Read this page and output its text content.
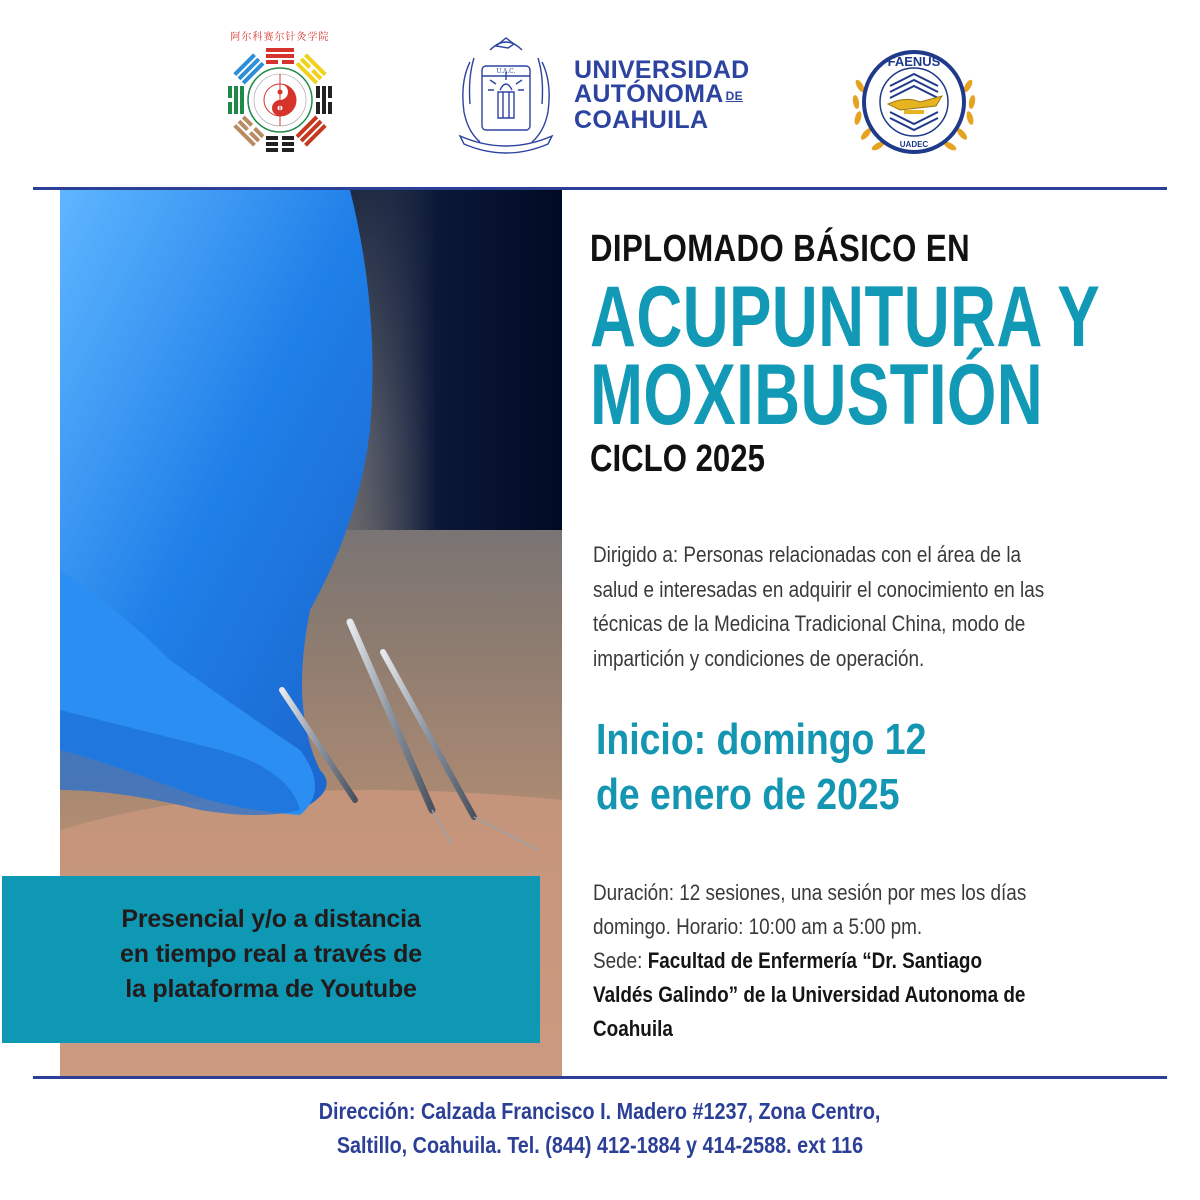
阿尔科赛尔针灸学院
U.A.C. UNIVERSIDAD
AUTÓNOMA DE
COAHUILA
FAENUS
UADEC
Presencial y/o a distancia
en tiempo real a través de
la plataforma de Youtube
DIPLOMADO BÁSICO EN
ACUPUNTURA Y
MOXIBUSTIÓN
CICLO 2025
Dirigido a: Personas relacionadas con el área de la
salud e interesadas en adquirir el conocimiento en las
técnicas de la Medicina Tradicional China, modo de
impartición y condiciones de operación.
Inicio: domingo 12
de enero de 2025
Duración: 12 sesiones, una sesión por mes los días
domingo. Horario: 10:00 am a 5:00 pm.
Sede: Facultad de Enfermería “Dr. Santiago
Valdés Galindo” de la Universidad Autonoma de
Coahuila
Dirección: Calzada Francisco I. Madero #1237, Zona Centro,
Saltillo, Coahuila. Tel. (844) 412-1884 y 414-2588. ext 116
